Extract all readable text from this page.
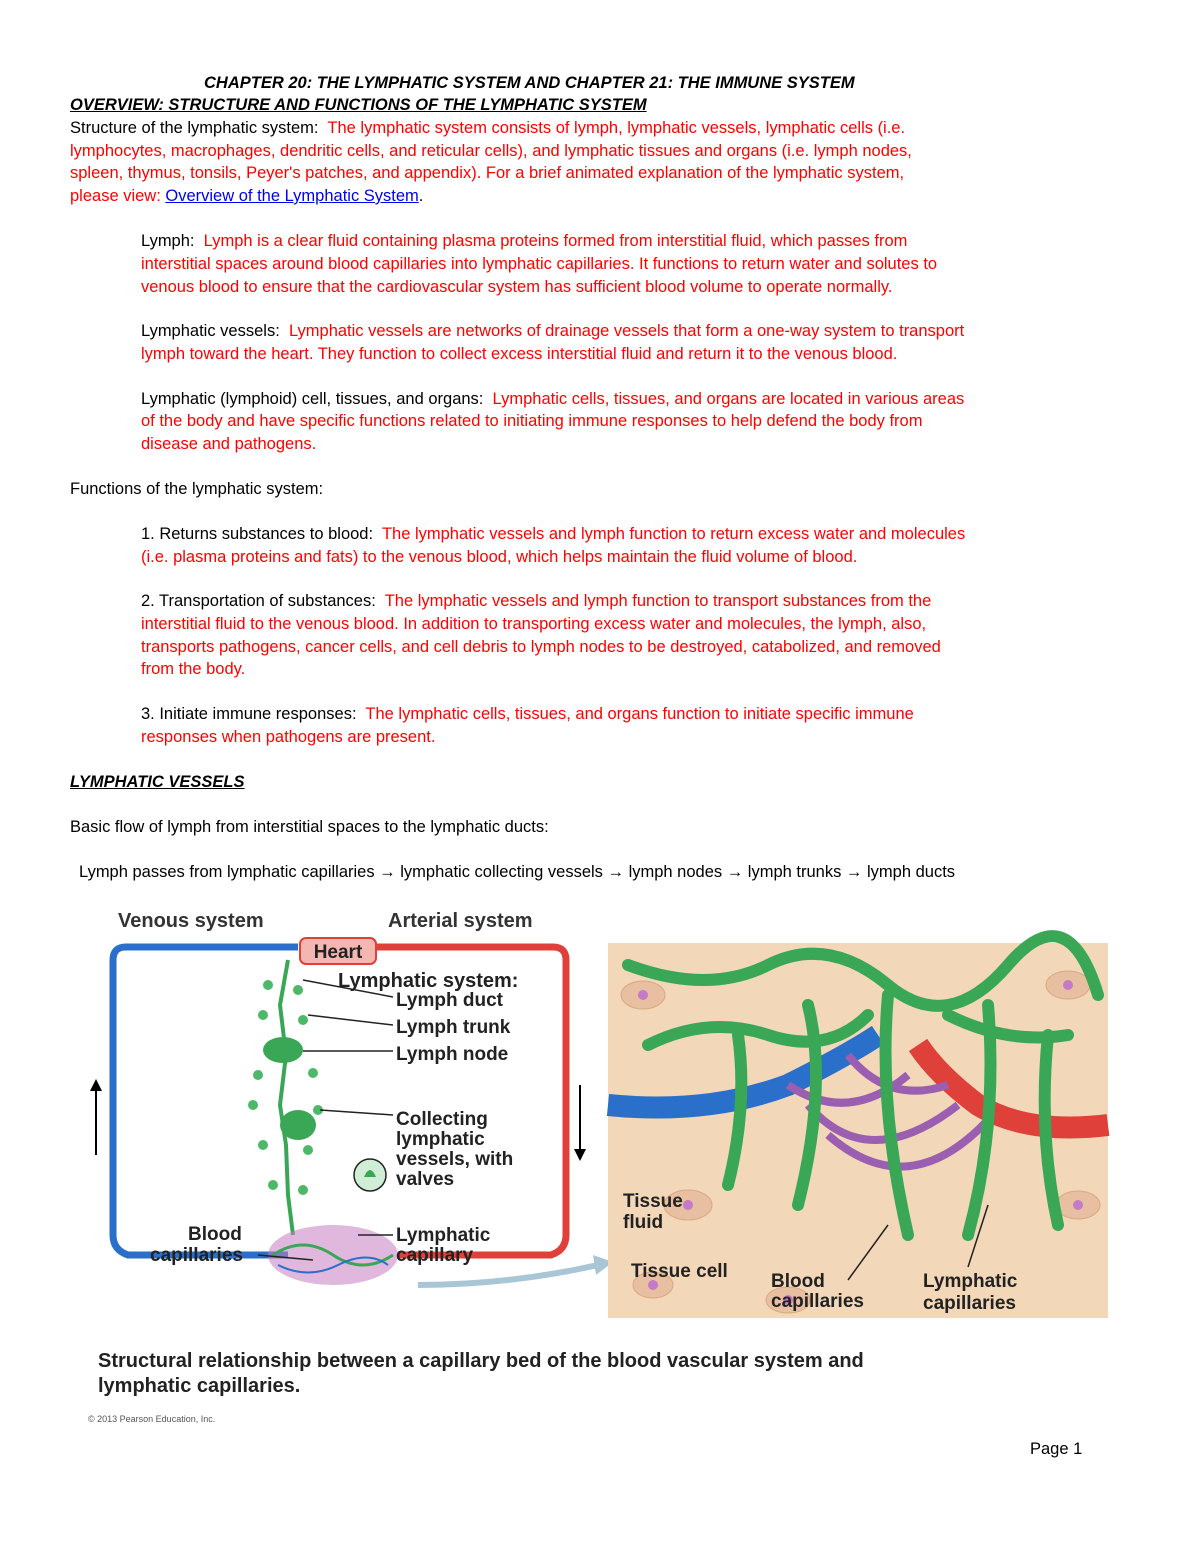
CHAPTER 20: THE LYMPHATIC SYSTEM AND CHAPTER 21: THE IMMUNE SYSTEM
OVERVIEW: STRUCTURE AND FUNCTIONS OF THE LYMPHATIC SYSTEM
Structure of the lymphatic system: The lymphatic system consists of lymph, lymphatic vessels, lymphatic cells (i.e.
lymphocytes, macrophages, dendritic cells, and reticular cells), and lymphatic tissues and organs (i.e. lymph nodes,
spleen, thymus, tonsils, Peyer's patches, and appendix). For a brief animated explanation of the lymphatic system,
please view: Overview of the Lymphatic System.
Lymph: Lymph is a clear fluid containing plasma proteins formed from interstitial fluid, which passes from
interstitial spaces around blood capillaries into lymphatic capillaries. It functions to return water and solutes to
venous blood to ensure that the cardiovascular system has sufficient blood volume to operate normally.
Lymphatic vessels: Lymphatic vessels are networks of drainage vessels that form a one-way system to transport
lymph toward the heart. They function to collect excess interstitial fluid and return it to the venous blood.
Lymphatic (lymphoid) cell, tissues, and organs: Lymphatic cells, tissues, and organs are located in various areas
of the body and have specific functions related to initiating immune responses to help defend the body from
disease and pathogens.
Functions of the lymphatic system:
1. Returns substances to blood: The lymphatic vessels and lymph function to return excess water and molecules
(i.e. plasma proteins and fats) to the venous blood, which helps maintain the fluid volume of blood.
2. Transportation of substances: The lymphatic vessels and lymph function to transport substances from the
interstitial fluid to the venous blood. In addition to transporting excess water and molecules, the lymph, also,
transports pathogens, cancer cells, and cell debris to lymph nodes to be destroyed, catabolized, and removed
from the body.
3. Initiate immune responses: The lymphatic cells, tissues, and organs function to initiate specific immune
responses when pathogens are present.
LYMPHATIC VESSELS
Basic flow of lymph from interstitial spaces to the lymphatic ducts:
Lymph passes from lymphatic capillaries → lymphatic collecting vessels → lymph nodes → lymph trunks → lymph ducts
Heart
Venous system	Arterial system
Lymphatic system:
Lymph duct
Lymph trunk
Lymph node
Collecting
lymphatic
vessels, with
valves
Blood
capillaries
Lymphatic
capillary
Tissue
fluid
Tissue cell Blood
capillaries
Lymphatic
capillaries
Structural relationship between a capillary bed of the blood vascular system and
lymphatic capillaries.
© 2013 Pearson Education, Inc.
Page 1
